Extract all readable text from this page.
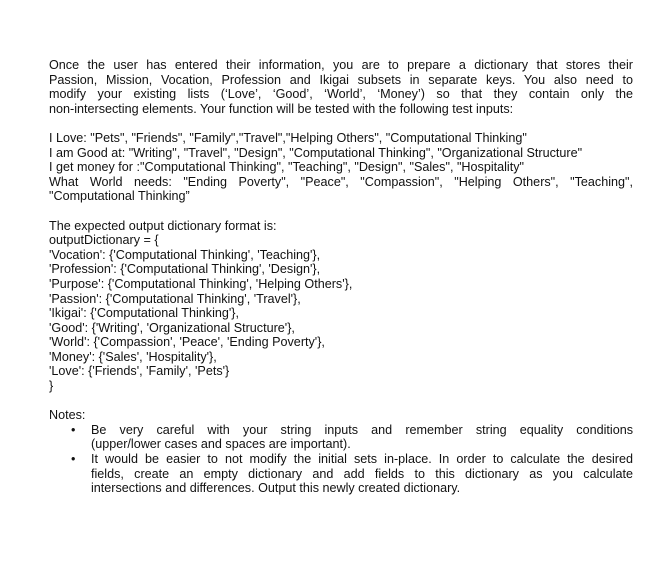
Once the user has entered their information, you are to prepare a dictionary that stores their
Passion, Mission, Vocation, Profession and Ikigai subsets in separate keys. You also need to
modify your existing lists (‘Love’, ‘Good’, ‘World’, ‘Money’) so that they contain only the
non-intersecting elements. Your function will be tested with the following test inputs:
I Love: "Pets", "Friends", "Family","Travel","Helping Others", "Computational Thinking"
I am Good at: "Writing", "Travel", "Design", "Computational Thinking", "Organizational Structure"
I get money for :"Computational Thinking", "Teaching", "Design", "Sales", "Hospitality"
What World needs: "Ending Poverty", "Peace", "Compassion", "Helping Others", "Teaching",
"Computational Thinking”
The expected output dictionary format is:
outputDictionary = {
'Vocation': {'Computational Thinking', 'Teaching'},
'Profession': {'Computational Thinking', 'Design'},
'Purpose': {'Computational Thinking', 'Helping Others'},
'Passion': {'Computational Thinking', 'Travel'},
'Ikigai': {'Computational Thinking'},
'Good': {'Writing', 'Organizational Structure'},
'World': {'Compassion', 'Peace', 'Ending Poverty'},
'Money': {'Sales', 'Hospitality'},
'Love': {'Friends', 'Family', 'Pets'}
}
Notes:
• Be very careful with your string inputs and remember string equality conditions
(upper/lower cases and spaces are important).
• It would be easier to not modify the initial sets in-place. In order to calculate the desired
fields, create an empty dictionary and add fields to this dictionary as you calculate
intersections and differences. Output this newly created dictionary.
